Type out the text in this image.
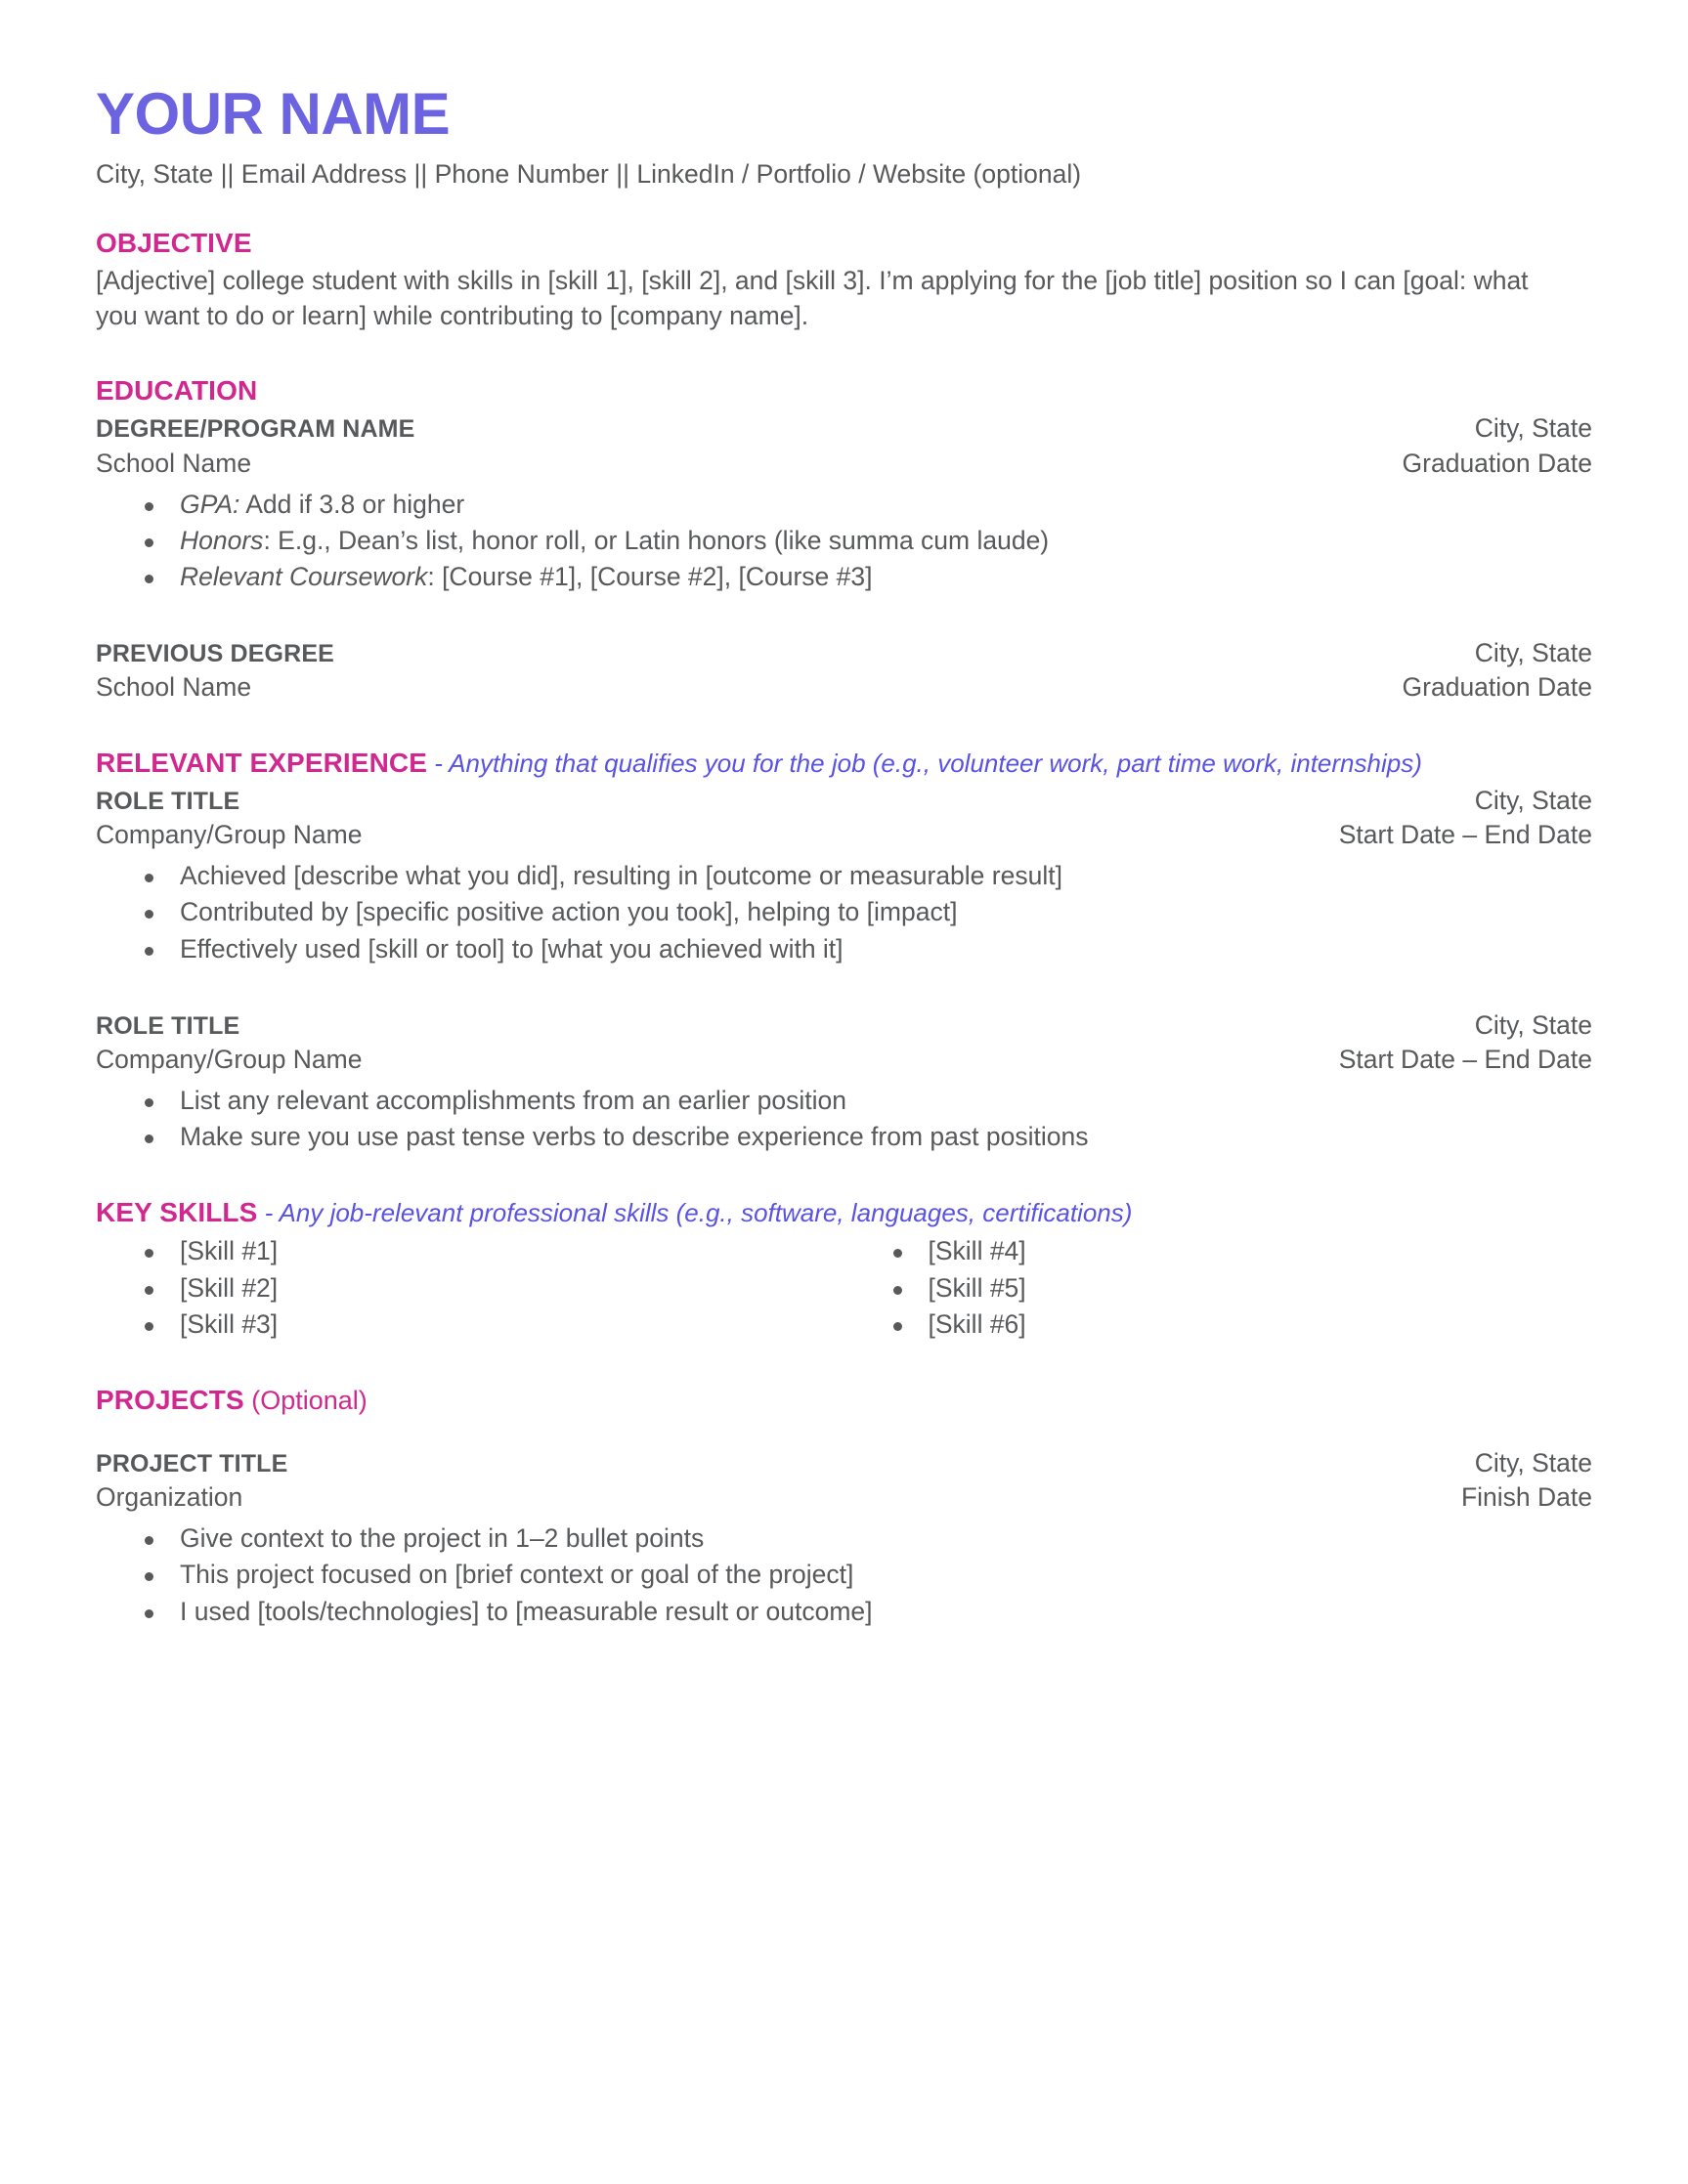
YOUR NAME
City, State || Email Address || Phone Number || LinkedIn / Portfolio / Website (optional)
OBJECTIVE

[Adjective] college student with skills in [skill 1], [skill 2], and [skill 3]. I’m applying for the [job title] position so I can [goal: what you want to do or learn] while contributing to [company name].

EDUCATION
DEGREE/PROGRAM NAME	City, State
School Name	Graduation Date
GPA: Add if 3.8 or higher
Honors: E.g., Dean’s list, honor roll, or Latin honors (like summa cum laude)
Relevant Coursework: [Course #1], [Course #2], [Course #3]
PREVIOUS DEGREE	City, State
School Name	Graduation Date
RELEVANT EXPERIENCE - Anything that qualifies you for the job (e.g., volunteer work, part time work, internships)
ROLE TITLE	City, State
Company/Group Name	Start Date – End Date
Achieved [describe what you did], resulting in [outcome or measurable result]
Contributed by [specific positive action you took], helping to [impact]
Effectively used [skill or tool] to [what you achieved with it]
ROLE TITLE	City, State
Company/Group Name	Start Date – End Date
List any relevant accomplishments from an earlier position
Make sure you use past tense verbs to describe experience from past positions
KEY SKILLS - Any job-relevant professional skills (e.g., software, languages, certifications)
[Skill #1]
[Skill #2]
[Skill #3]
[Skill #4]
[Skill #5]
[Skill #6]
PROJECTS (Optional)
PROJECT TITLE	City, State
Organization	Finish Date
Give context to the project in 1–2 bullet points
This project focused on [brief context or goal of the project]
I used [tools/technologies] to [measurable result or outcome]
